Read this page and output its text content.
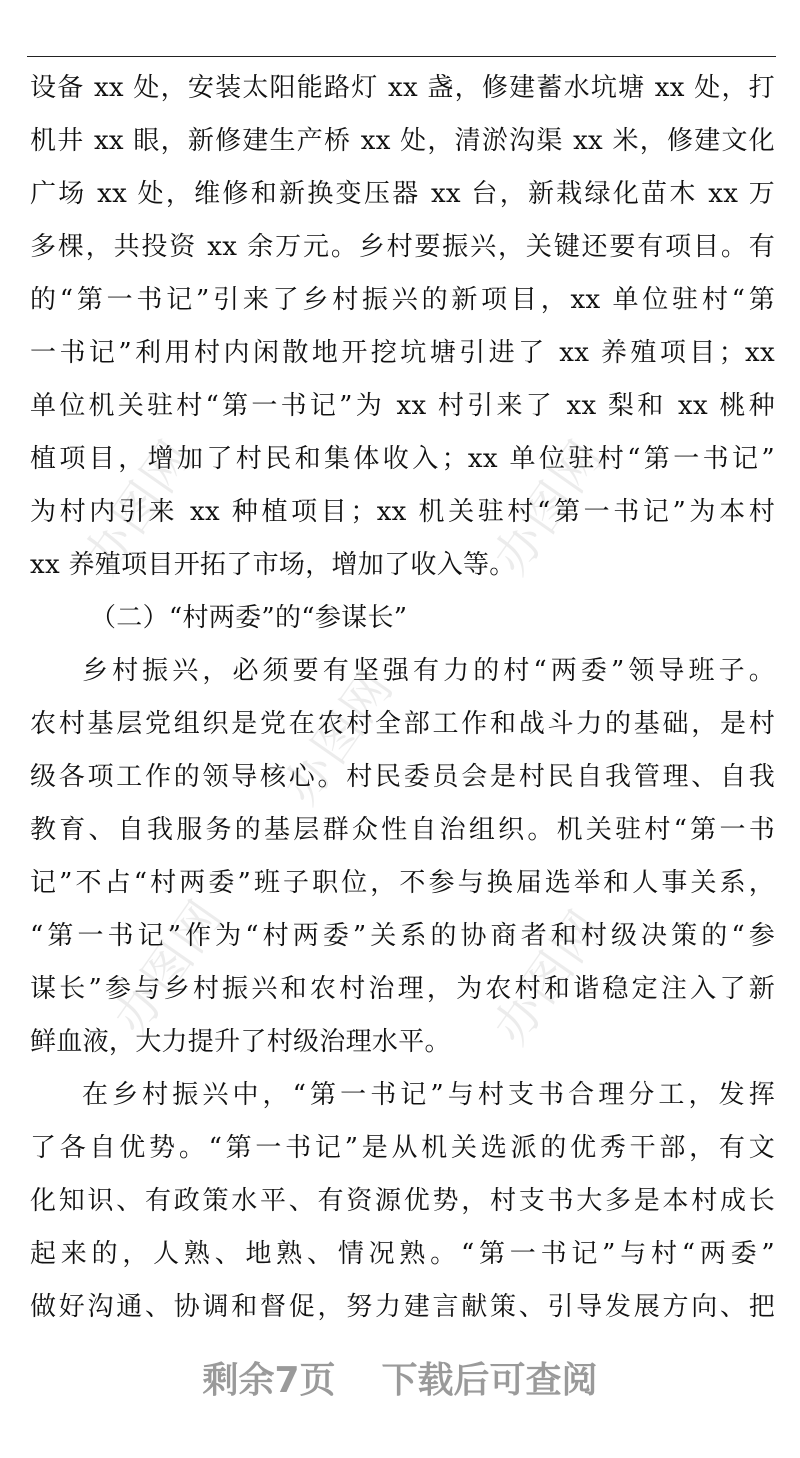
办图网	办图网
办图网
办图网	办图网
设备 xx 处，安装太阳能路灯 xx 盏，修建蓄水坑塘 xx 处，打
机井 xx 眼，新修建生产桥 xx 处，清淤沟渠 xx 米，修建文化
广场 xx 处，维修和新换变压器 xx 台，新栽绿化苗木 xx 万
多棵，共投资 xx 余万元。乡村要振兴，关键还要有项目。有
的“第一书记”引来了乡村振兴的新项目，xx 单位驻村“第
一书记”利用村内闲散地开挖坑塘引进了 xx 养殖项目；xx
单位机关驻村“第一书记”为 xx 村引来了 xx 梨和 xx 桃种
植项目，增加了村民和集体收入；xx 单位驻村“第一书记”
为村内引来 xx 种植项目；xx 机关驻村“第一书记”为本村
xx 养殖项目开拓了市场，增加了收入等。
（二）“村两委”的“参谋长”
乡村振兴，必须要有坚强有力的村“两委”领导班子。
农村基层党组织是党在农村全部工作和战斗力的基础，是村
级各项工作的领导核心。村民委员会是村民自我管理、自我
教育、自我服务的基层群众性自治组织。机关驻村“第一书
记”不占“村两委”班子职位，不参与换届选举和人事关系，
“第一书记”作为“村两委”关系的协商者和村级决策的“参
谋长”参与乡村振兴和农村治理，为农村和谐稳定注入了新
鲜血液，大力提升了村级治理水平。
在乡村振兴中，“第一书记”与村支书合理分工，发挥
了各自优势。“第一书记”是从机关选派的优秀干部，有文
化知识、有政策水平、有资源优势，村支书大多是本村成长
起来的，人熟、地熟、情况熟。“第一书记”与村“两委”
做好沟通、协调和督促，努力建言献策、引导发展方向、把
剩余7页 下载后可查阅
